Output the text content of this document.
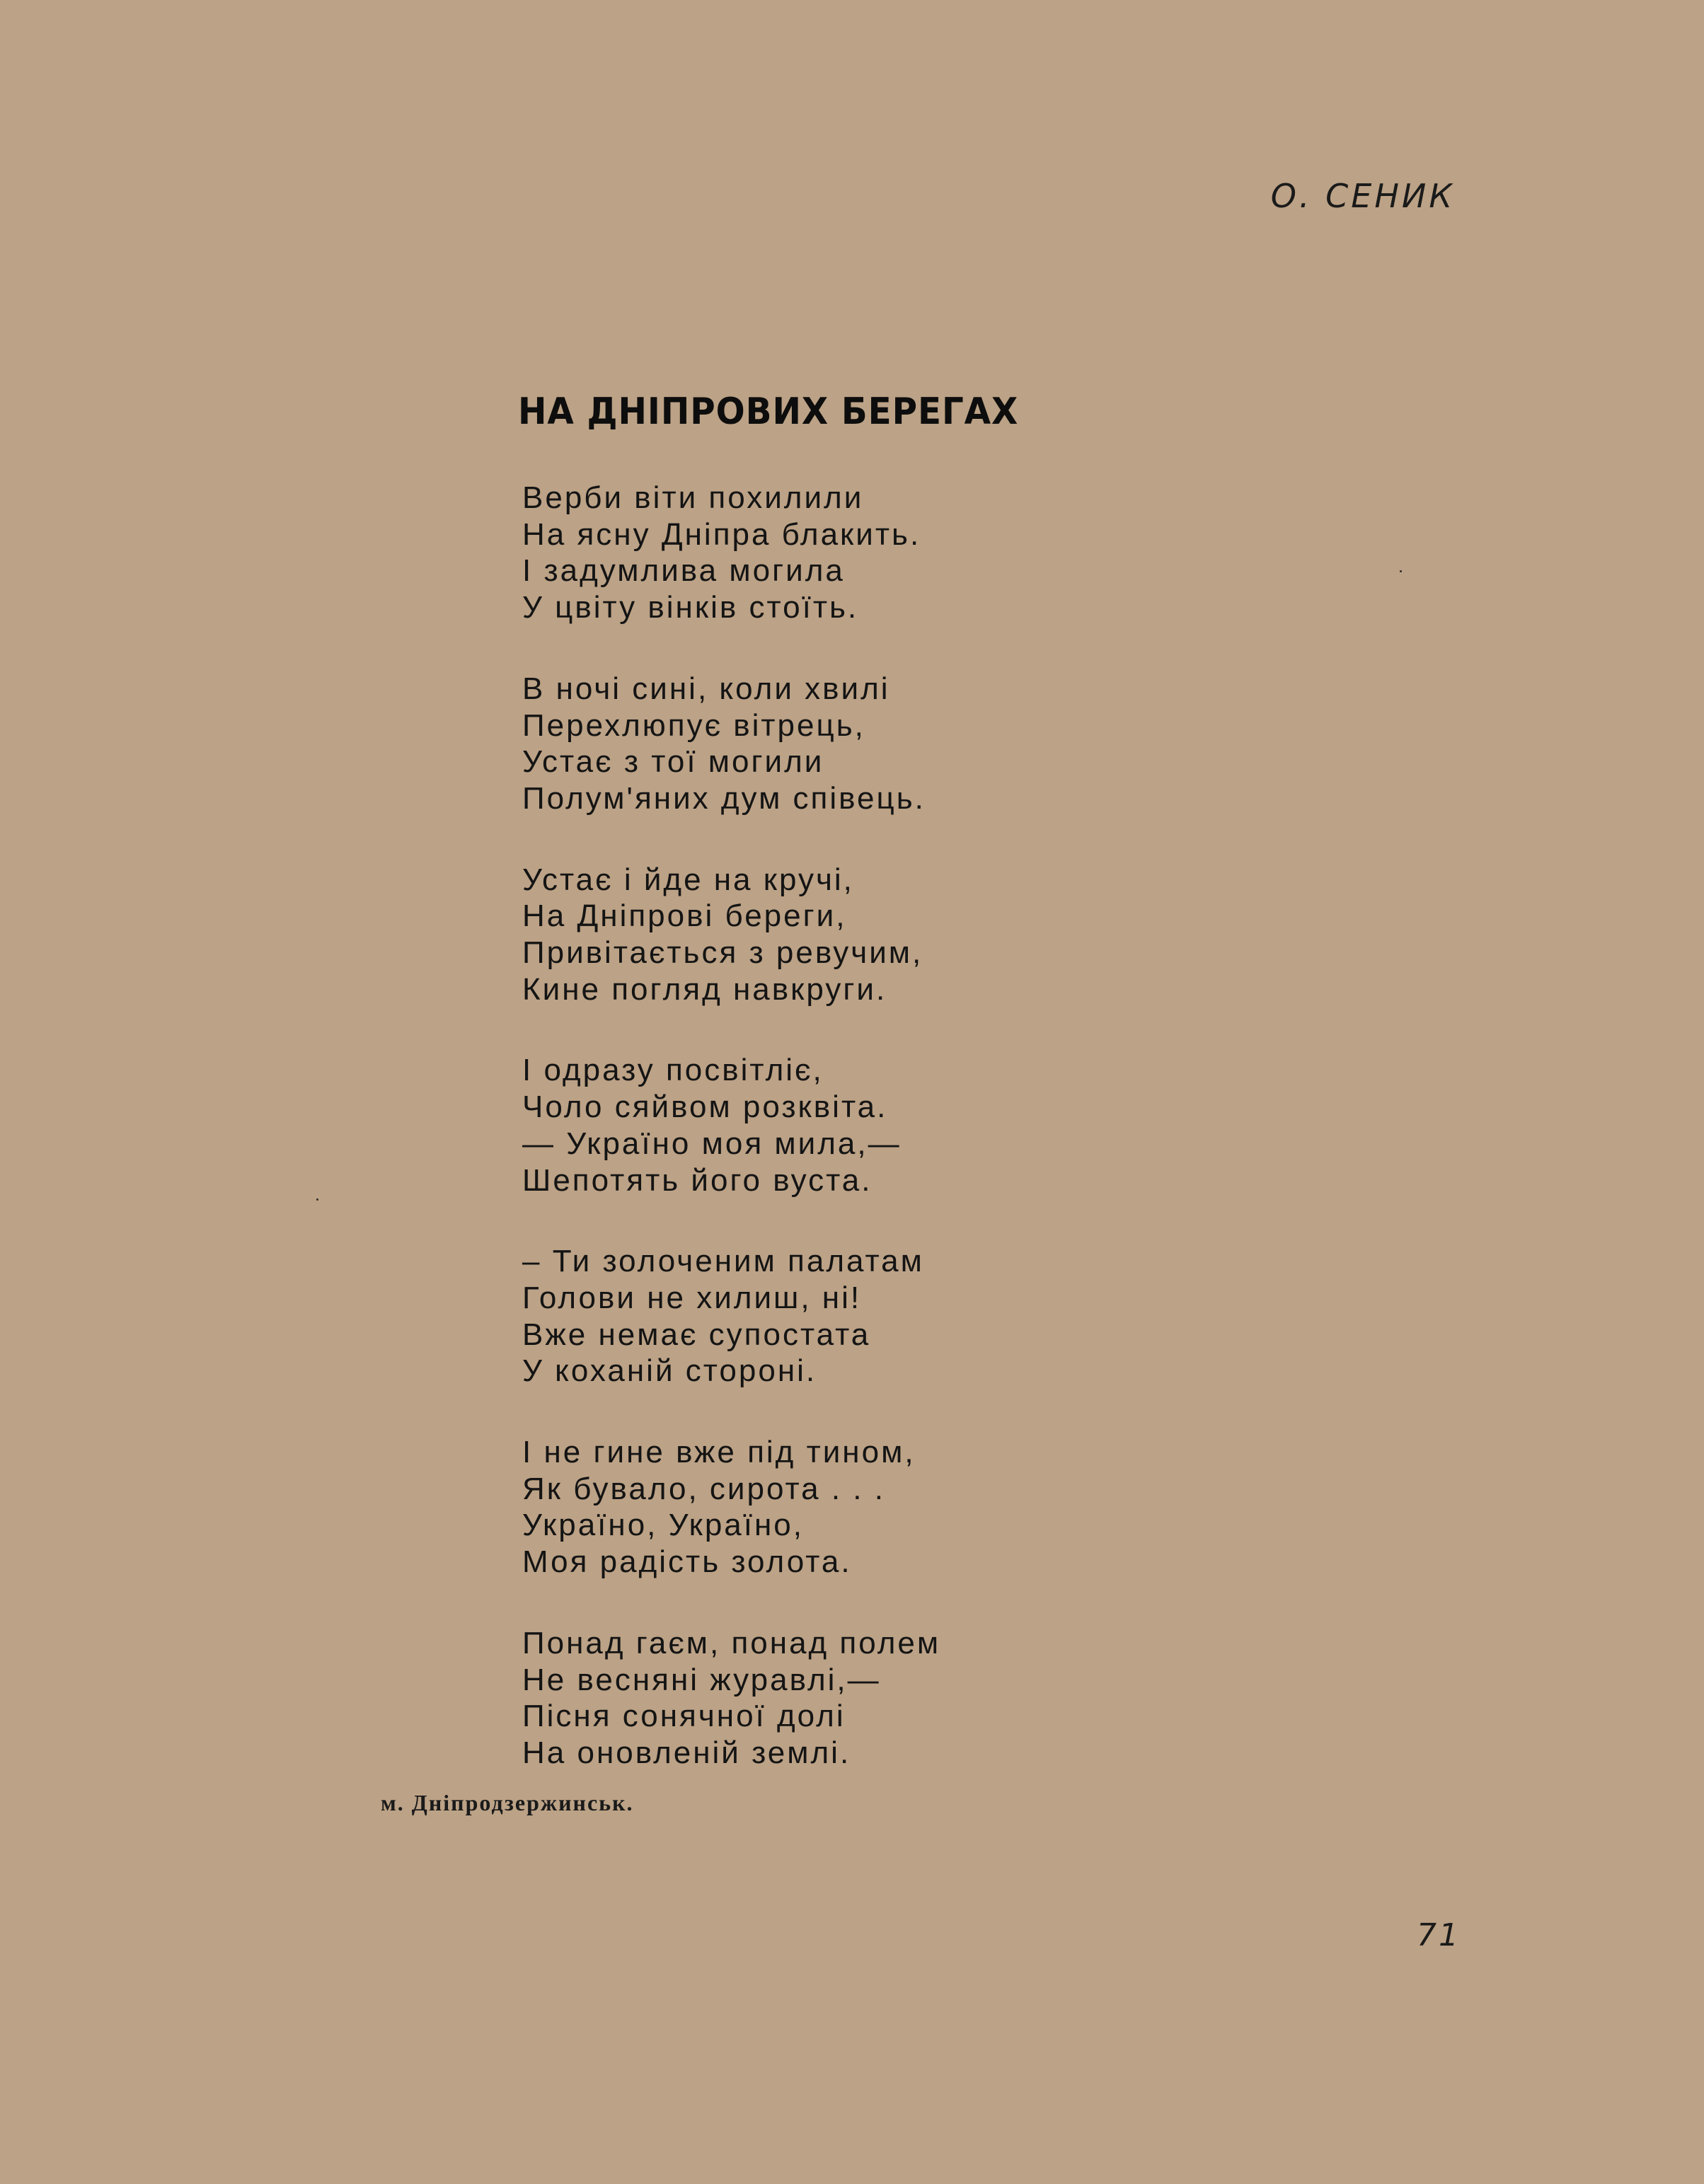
О. СЕНИК
НА ДНІПРОВИХ БЕРЕГАХ
Верби віти похилили
На ясну Дніпра блакить.
І задумлива могила
У цвіту вінків стоїть.
В ночі сині, коли хвилі
Перехлюпує вітрець,
Устає з тої могили
Полум'яних дум співець.
Устає і йде на кручі,
На Дніпрові береги,
Привітається з ревучим,
Кине погляд навкруги.
І одразу посвітліє,
Чоло сяйвом розквіта.
— Україно моя мила,—
Шепотять його вуста.
– Ти золоченим палатам
Голови не хилиш, ні!
Вже немає супостата
У коханій стороні.
І не гине вже під тином,
Як бувало, сирота . . .
Україно, Україно,
Моя радість золота.
Понад гаєм, понад полем
Не весняні журавлі,—
Пісня сонячної долі
На оновленій землі.
м. Дніпродзержинськ.
71
